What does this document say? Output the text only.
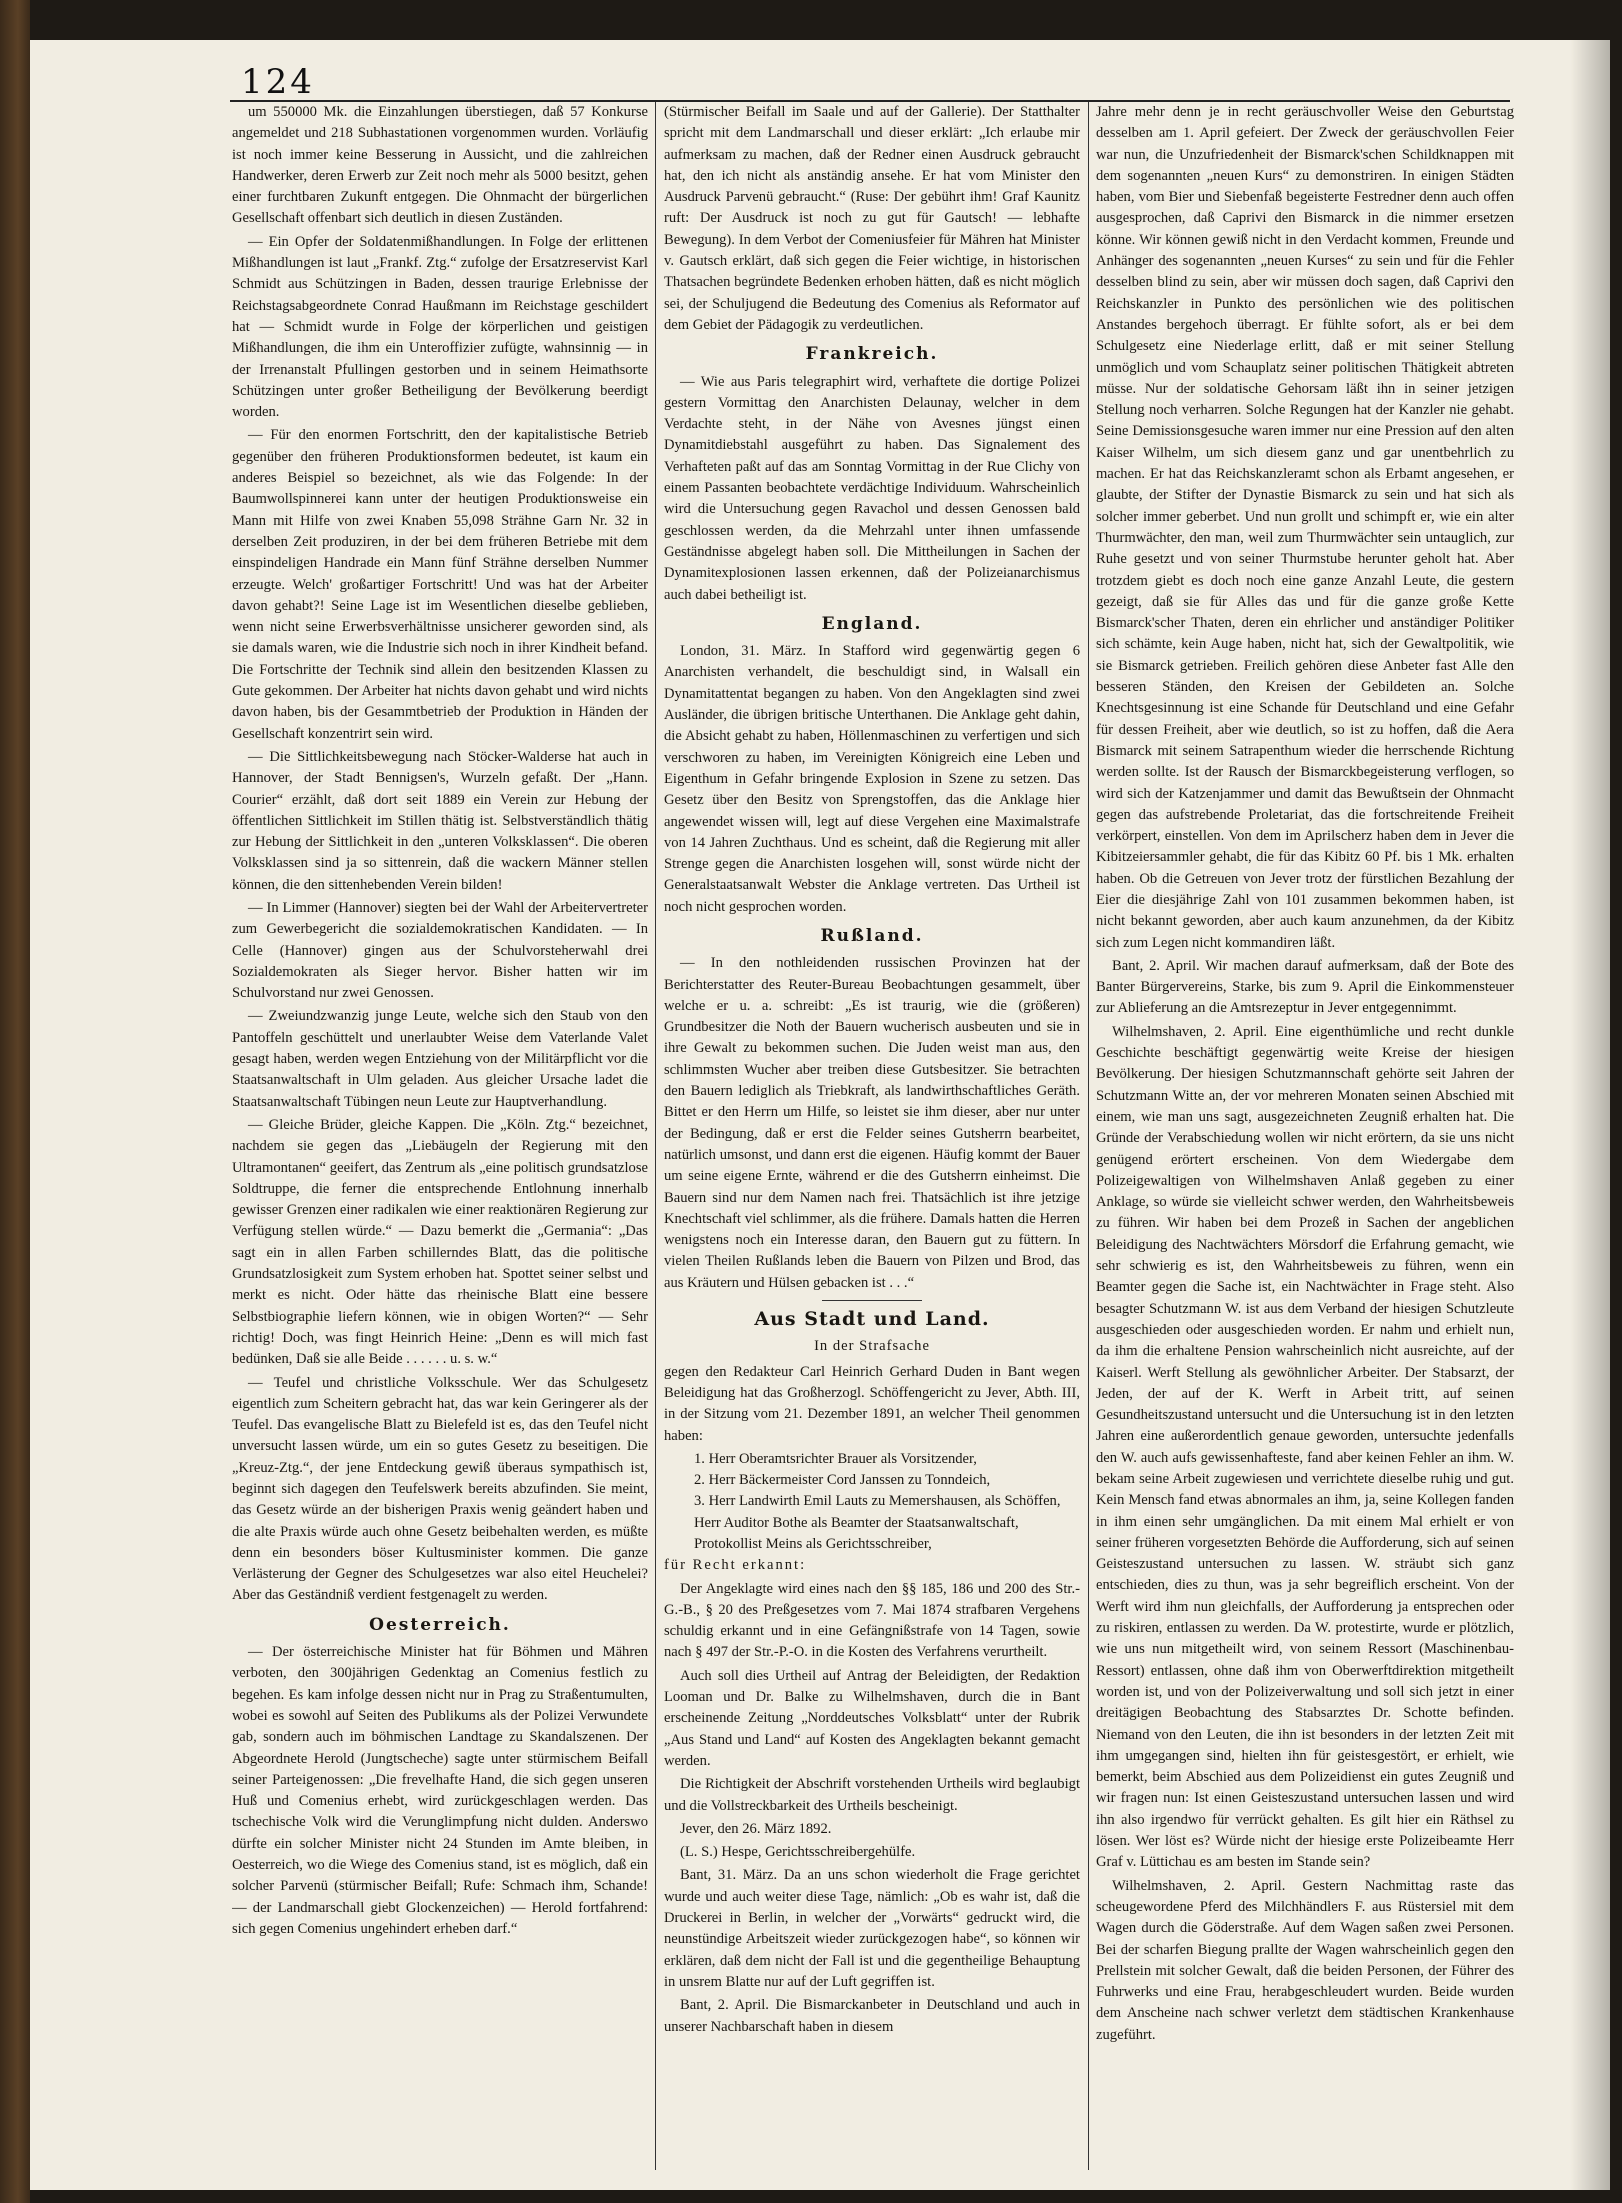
124

um 550000 Mk. die Einzahlungen überstiegen, daß 57 Konkurse angemeldet und 218 Subhastationen vorgenommen wurden. Vorläufig ist noch immer keine Besserung in Aussicht, und die zahlreichen Handwerker, deren Erwerb zur Zeit noch mehr als 5000 besitzt, gehen einer furchtbaren Zukunft entgegen. Die Ohnmacht der bürgerlichen Gesellschaft offenbart sich deutlich in diesen Zuständen.

— Ein Opfer der Soldatenmißhandlungen. In Folge der erlittenen Mißhandlungen ist laut „Frankf. Ztg.“ zufolge der Ersatzreservist Karl Schmidt aus Schützingen in Baden, dessen traurige Erlebnisse der Reichstagsabgeordnete Conrad Haußmann im Reichstage geschildert hat — Schmidt wurde in Folge der körperlichen und geistigen Mißhandlungen, die ihm ein Unteroffizier zufügte, wahnsinnig — in der Irrenanstalt Pfullingen gestorben und in seinem Heimathsorte Schützingen unter großer Betheiligung der Bevölkerung beerdigt worden.

— Für den enormen Fortschritt, den der kapitalistische Betrieb gegenüber den früheren Produktionsformen bedeutet, ist kaum ein anderes Beispiel so bezeichnet, als wie das Folgende: In der Baumwollspinnerei kann unter der heutigen Produktionsweise ein Mann mit Hilfe von zwei Knaben 55,098 Strähne Garn Nr. 32 in derselben Zeit produziren, in der bei dem früheren Betriebe mit dem einspindeligen Handrade ein Mann fünf Strähne derselben Nummer erzeugte. Welch' großartiger Fortschritt! Und was hat der Arbeiter davon gehabt?! Seine Lage ist im Wesentlichen dieselbe geblieben, wenn nicht seine Erwerbsverhältnisse unsicherer geworden sind, als sie damals waren, wie die Industrie sich noch in ihrer Kindheit befand. Die Fortschritte der Technik sind allein den besitzenden Klassen zu Gute gekommen. Der Arbeiter hat nichts davon gehabt und wird nichts davon haben, bis der Gesammtbetrieb der Produktion in Händen der Gesellschaft konzentrirt sein wird.

— Die Sittlichkeitsbewegung nach Stöcker-Walderse hat auch in Hannover, der Stadt Bennigsen's, Wurzeln gefaßt. Der „Hann. Courier“ erzählt, daß dort seit 1889 ein Verein zur Hebung der öffentlichen Sittlichkeit im Stillen thätig ist. Selbstverständlich thätig zur Hebung der Sittlichkeit in den „unteren Volksklassen“. Die oberen Volksklassen sind ja so sittenrein, daß die wackern Männer stellen können, die den sittenhebenden Verein bilden!

— In Limmer (Hannover) siegten bei der Wahl der Arbeitervertreter zum Gewerbegericht die sozialdemokratischen Kandidaten. — In Celle (Hannover) gingen aus der Schulvorsteherwahl drei Sozialdemokraten als Sieger hervor. Bisher hatten wir im Schulvorstand nur zwei Genossen.

— Zweiundzwanzig junge Leute, welche sich den Staub von den Pantoffeln geschüttelt und unerlaubter Weise dem Vaterlande Valet gesagt haben, werden wegen Entziehung von der Militärpflicht vor die Staatsanwaltschaft in Ulm geladen. Aus gleicher Ursache ladet die Staatsanwaltschaft Tübingen neun Leute zur Hauptverhandlung.

— Gleiche Brüder, gleiche Kappen. Die „Köln. Ztg.“ bezeichnet, nachdem sie gegen das „Liebäugeln der Regierung mit den Ultramontanen“ geeifert, das Zentrum als „eine politisch grundsatzlose Soldtruppe, die ferner die entsprechende Entlohnung innerhalb gewisser Grenzen einer radikalen wie einer reaktionären Regierung zur Verfügung stellen würde.“ — Dazu bemerkt die „Germania“: „Das sagt ein in allen Farben schillerndes Blatt, das die politische Grundsatzlosigkeit zum System erhoben hat. Spottet seiner selbst und merkt es nicht. Oder hätte das rheinische Blatt eine bessere Selbstbiographie liefern können, wie in obigen Worten?“ — Sehr richtig! Doch, was fingt Heinrich Heine: „Denn es will mich fast bedünken, Daß sie alle Beide . . . . . . u. s. w.“

— Teufel und christliche Volksschule. Wer das Schulgesetz eigentlich zum Scheitern gebracht hat, das war kein Geringerer als der Teufel. Das evangelische Blatt zu Bielefeld ist es, das den Teufel nicht unversucht lassen würde, um ein so gutes Gesetz zu beseitigen. Die „Kreuz-Ztg.“, der jene Entdeckung gewiß überaus sympathisch ist, beginnt sich dagegen den Teufelswerk bereits abzufinden. Sie meint, das Gesetz würde an der bisherigen Praxis wenig geändert haben und die alte Praxis würde auch ohne Gesetz beibehalten werden, es müßte denn ein besonders böser Kultusminister kommen. Die ganze Verlästerung der Gegner des Schulgesetzes war also eitel Heuchelei? Aber das Geständniß verdient festgenagelt zu werden.

Oesterreich.

— Der österreichische Minister hat für Böhmen und Mähren verboten, den 300jährigen Gedenktag an Comenius festlich zu begehen. Es kam infolge dessen nicht nur in Prag zu Straßentumulten, wobei es sowohl auf Seiten des Publikums als der Polizei Verwundete gab, sondern auch im böhmischen Landtage zu Skandalszenen. Der Abgeordnete Herold (Jungtscheche) sagte unter stürmischem Beifall seiner Parteigenossen: „Die frevelhafte Hand, die sich gegen unseren Huß und Comenius erhebt, wird zurückgeschlagen werden. Das tschechische Volk wird die Verunglimpfung nicht dulden. Anderswo dürfte ein solcher Minister nicht 24 Stunden im Amte bleiben, in Oesterreich, wo die Wiege des Comenius stand, ist es möglich, daß ein solcher Parvenü (stürmischer Beifall; Rufe: Schmach ihm, Schande! — der Landmarschall giebt Glockenzeichen) — Herold fortfahrend: sich gegen Comenius ungehindert erheben darf.“

(Stürmischer Beifall im Saale und auf der Gallerie). Der Statthalter spricht mit dem Landmarschall und dieser erklärt: „Ich erlaube mir aufmerksam zu machen, daß der Redner einen Ausdruck gebraucht hat, den ich nicht als anständig ansehe. Er hat vom Minister den Ausdruck Parvenü gebraucht.“ (Ruse: Der gebührt ihm! Graf Kaunitz ruft: Der Ausdruck ist noch zu gut für Gautsch! — lebhafte Bewegung). In dem Verbot der Comeniusfeier für Mähren hat Minister v. Gautsch erklärt, daß sich gegen die Feier wichtige, in historischen Thatsachen begründete Bedenken erhoben hätten, daß es nicht möglich sei, der Schuljugend die Bedeutung des Comenius als Reformator auf dem Gebiet der Pädagogik zu verdeutlichen.

Frankreich.

— Wie aus Paris telegraphirt wird, verhaftete die dortige Polizei gestern Vormittag den Anarchisten Delaunay, welcher in dem Verdachte steht, in der Nähe von Avesnes jüngst einen Dynamitdiebstahl ausgeführt zu haben. Das Signalement des Verhafteten paßt auf das am Sonntag Vormittag in der Rue Clichy von einem Passanten beobachtete verdächtige Individuum. Wahrscheinlich wird die Untersuchung gegen Ravachol und dessen Genossen bald geschlossen werden, da die Mehrzahl unter ihnen umfassende Geständnisse abgelegt haben soll. Die Mittheilungen in Sachen der Dynamitexplosionen lassen erkennen, daß der Polizeianarchismus auch dabei betheiligt ist.

England.

London, 31. März. In Stafford wird gegenwärtig gegen 6 Anarchisten verhandelt, die beschuldigt sind, in Walsall ein Dynamitattentat begangen zu haben. Von den Angeklagten sind zwei Ausländer, die übrigen britische Unterthanen. Die Anklage geht dahin, die Absicht gehabt zu haben, Höllenmaschinen zu verfertigen und sich verschworen zu haben, im Vereinigten Königreich eine Leben und Eigenthum in Gefahr bringende Explosion in Szene zu setzen. Das Gesetz über den Besitz von Sprengstoffen, das die Anklage hier angewendet wissen will, legt auf diese Vergehen eine Maximalstrafe von 14 Jahren Zuchthaus. Und es scheint, daß die Regierung mit aller Strenge gegen die Anarchisten losgehen will, sonst würde nicht der Generalstaatsanwalt Webster die Anklage vertreten. Das Urtheil ist noch nicht gesprochen worden.

Rußland.

— In den nothleidenden russischen Provinzen hat der Berichterstatter des Reuter-Bureau Beobachtungen gesammelt, über welche er u. a. schreibt: „Es ist traurig, wie die (größeren) Grundbesitzer die Noth der Bauern wucherisch ausbeuten und sie in ihre Gewalt zu bekommen suchen. Die Juden weist man aus, den schlimmsten Wucher aber treiben diese Gutsbesitzer. Sie betrachten den Bauern lediglich als Triebkraft, als landwirthschaftliches Geräth. Bittet er den Herrn um Hilfe, so leistet sie ihm dieser, aber nur unter der Bedingung, daß er erst die Felder seines Gutsherrn bearbeitet, natürlich umsonst, und dann erst die eigenen. Häufig kommt der Bauer um seine eigene Ernte, während er die des Gutsherrn einheimst. Die Bauern sind nur dem Namen nach frei. Thatsächlich ist ihre jetzige Knechtschaft viel schlimmer, als die frühere. Damals hatten die Herren wenigstens noch ein Interesse daran, den Bauern gut zu füttern. In vielen Theilen Rußlands leben die Bauern von Pilzen und Brod, das aus Kräutern und Hülsen gebacken ist . . .“

Aus Stadt und Land.
In der Strafsache

gegen den Redakteur Carl Heinrich Gerhard Duden in Bant wegen Beleidigung hat das Großherzogl. Schöffengericht zu Jever, Abth. III, in der Sitzung vom 21. Dezember 1891, an welcher Theil genommen haben:

1. Herr Oberamtsrichter Brauer als Vorsitzender,
2. Herr Bäckermeister Cord Janssen zu Tonndeich,
3. Herr Landwirth Emil Lauts zu Memershausen, als Schöffen,
Herr Auditor Bothe als Beamter der Staatsanwaltschaft,
Protokollist Meins als Gerichtsschreiber,

für Recht erkannt:

Der Angeklagte wird eines nach den §§ 185, 186 und 200 des Str.-G.-B., § 20 des Preßgesetzes vom 7. Mai 1874 strafbaren Vergehens schuldig erkannt und in eine Gefängnißstrafe von 14 Tagen, sowie nach § 497 der Str.-P.-O. in die Kosten des Verfahrens verurtheilt.

Auch soll dies Urtheil auf Antrag der Beleidigten, der Redaktion Looman und Dr. Balke zu Wilhelmshaven, durch die in Bant erscheinende Zeitung „Norddeutsches Volksblatt“ unter der Rubrik „Aus Stand und Land“ auf Kosten des Angeklagten bekannt gemacht werden.

Die Richtigkeit der Abschrift vorstehenden Urtheils wird beglaubigt und die Vollstreckbarkeit des Urtheils bescheinigt.

Jever, den 26. März 1892.

(L. S.) Hespe, Gerichtsschreibergehülfe.

Bant, 31. März. Da an uns schon wiederholt die Frage gerichtet wurde und auch weiter diese Tage, nämlich: „Ob es wahr ist, daß die Druckerei in Berlin, in welcher der „Vorwärts“ gedruckt wird, die neunstündige Arbeitszeit wieder zurückgezogen habe“, so können wir erklären, daß dem nicht der Fall ist und die gegentheilige Behauptung in unsrem Blatte nur auf der Luft gegriffen ist.

Bant, 2. April. Die Bismarckanbeter in Deutschland und auch in unserer Nachbarschaft haben in diesem

Jahre mehr denn je in recht geräuschvoller Weise den Geburtstag desselben am 1. April gefeiert. Der Zweck der geräuschvollen Feier war nun, die Unzufriedenheit der Bismarck'schen Schildknappen mit dem sogenannten „neuen Kurs“ zu demonstriren. In einigen Städten haben, vom Bier und Siebenfaß begeisterte Festredner denn auch offen ausgesprochen, daß Caprivi den Bismarck in die nimmer ersetzen könne. Wir können gewiß nicht in den Verdacht kommen, Freunde und Anhänger des sogenannten „neuen Kurses“ zu sein und für die Fehler desselben blind zu sein, aber wir müssen doch sagen, daß Caprivi den Reichskanzler in Punkto des persönlichen wie des politischen Anstandes bergehoch überragt. Er fühlte sofort, als er bei dem Schulgesetz eine Niederlage erlitt, daß er mit seiner Stellung unmöglich und vom Schauplatz seiner politischen Thätigkeit abtreten müsse. Nur der soldatische Gehorsam läßt ihn in seiner jetzigen Stellung noch verharren. Solche Regungen hat der Kanzler nie gehabt. Seine Demissionsgesuche waren immer nur eine Pression auf den alten Kaiser Wilhelm, um sich diesem ganz und gar unentbehrlich zu machen. Er hat das Reichskanzleramt schon als Erbamt angesehen, er glaubte, der Stifter der Dynastie Bismarck zu sein und hat sich als solcher immer geberbet. Und nun grollt und schimpft er, wie ein alter Thurmwächter, den man, weil zum Thurmwächter sein untauglich, zur Ruhe gesetzt und von seiner Thurmstube herunter geholt hat. Aber trotzdem giebt es doch noch eine ganze Anzahl Leute, die gestern gezeigt, daß sie für Alles das und für die ganze große Kette Bismarck'scher Thaten, deren ein ehrlicher und anständiger Politiker sich schämte, kein Auge haben, nicht hat, sich der Gewaltpolitik, wie sie Bismarck getrieben. Freilich gehören diese Anbeter fast Alle den besseren Ständen, den Kreisen der Gebildeten an. Solche Knechtsgesinnung ist eine Schande für Deutschland und eine Gefahr für dessen Freiheit, aber wie deutlich, so ist zu hoffen, daß die Aera Bismarck mit seinem Satrapenthum wieder die herrschende Richtung werden sollte. Ist der Rausch der Bismarckbegeisterung verflogen, so wird sich der Katzenjammer und damit das Bewußtsein der Ohnmacht gegen das aufstrebende Proletariat, das die fortschreitende Freiheit verkörpert, einstellen. Von dem im Aprilscherz haben dem in Jever die Kibitzeiersammler gehabt, die für das Kibitz 60 Pf. bis 1 Mk. erhalten haben. Ob die Getreuen von Jever trotz der fürstlichen Bezahlung der Eier die diesjährige Zahl von 101 zusammen bekommen haben, ist nicht bekannt geworden, aber auch kaum anzunehmen, da der Kibitz sich zum Legen nicht kommandiren läßt.

Bant, 2. April. Wir machen darauf aufmerksam, daß der Bote des Banter Bürgervereins, Starke, bis zum 9. April die Einkommensteuer zur Ablieferung an die Amtsrezeptur in Jever entgegennimmt.

Wilhelmshaven, 2. April. Eine eigenthümliche und recht dunkle Geschichte beschäftigt gegenwärtig weite Kreise der hiesigen Bevölkerung. Der hiesigen Schutzmannschaft gehörte seit Jahren der Schutzmann Witte an, der vor mehreren Monaten seinen Abschied mit einem, wie man uns sagt, ausgezeichneten Zeugniß erhalten hat. Die Gründe der Verabschiedung wollen wir nicht erörtern, da sie uns nicht genügend erörtert erscheinen. Von dem Wiedergabe dem Polizeigewaltigen von Wilhelmshaven Anlaß gegeben zu einer Anklage, so würde sie vielleicht schwer werden, den Wahrheitsbeweis zu führen. Wir haben bei dem Prozeß in Sachen der angeblichen Beleidigung des Nachtwächters Mörsdorf die Erfahrung gemacht, wie sehr schwierig es ist, den Wahrheitsbeweis zu führen, wenn ein Beamter gegen die Sache ist, ein Nachtwächter in Frage steht. Also besagter Schutzmann W. ist aus dem Verband der hiesigen Schutzleute ausgeschieden oder ausgeschieden worden. Er nahm und erhielt nun, da ihm die erhaltene Pension wahrscheinlich nicht ausreichte, auf der Kaiserl. Werft Stellung als gewöhnlicher Arbeiter. Der Stabsarzt, der Jeden, der auf der K. Werft in Arbeit tritt, auf seinen Gesundheitszustand untersucht und die Untersuchung ist in den letzten Jahren eine außerordentlich genaue geworden, untersuchte jedenfalls den W. auch aufs gewissenhafteste, fand aber keinen Fehler an ihm. W. bekam seine Arbeit zugewiesen und verrichtete dieselbe ruhig und gut. Kein Mensch fand etwas abnormales an ihm, ja, seine Kollegen fanden in ihm einen sehr umgänglichen. Da mit einem Mal erhielt er von seiner früheren vorgesetzten Behörde die Aufforderung, sich auf seinen Geisteszustand untersuchen zu lassen. W. sträubt sich ganz entschieden, dies zu thun, was ja sehr begreiflich erscheint. Von der Werft wird ihm nun gleichfalls, der Aufforderung ja entsprechen oder zu riskiren, entlassen zu werden. Da W. protestirte, wurde er plötzlich, wie uns nun mitgetheilt wird, von seinem Ressort (Maschinenbau-Ressort) entlassen, ohne daß ihm von Oberwerftdirektion mitgetheilt worden ist, und von der Polizeiverwaltung und soll sich jetzt in einer dreitägigen Beobachtung des Stabsarztes Dr. Schotte befinden. Niemand von den Leuten, die ihn ist besonders in der letzten Zeit mit ihm umgegangen sind, hielten ihn für geistesgestört, er erhielt, wie bemerkt, beim Abschied aus dem Polizeidienst ein gutes Zeugniß und wir fragen nun: Ist einen Geisteszustand untersuchen lassen und wird ihn also irgendwo für verrückt gehalten. Es gilt hier ein Räthsel zu lösen. Wer löst es? Würde nicht der hiesige erste Polizeibeamte Herr Graf v. Lüttichau es am besten im Stande sein?

Wilhelmshaven, 2. April. Gestern Nachmittag raste das scheugewordene Pferd des Milchhändlers F. aus Rüstersiel mit dem Wagen durch die Göderstraße. Auf dem Wagen saßen zwei Personen. Bei der scharfen Biegung prallte der Wagen wahrscheinlich gegen den Prellstein mit solcher Gewalt, daß die beiden Personen, der Führer des Fuhrwerks und eine Frau, herabgeschleudert wurden. Beide wurden dem Anscheine nach schwer verletzt dem städtischen Krankenhause zugeführt.
